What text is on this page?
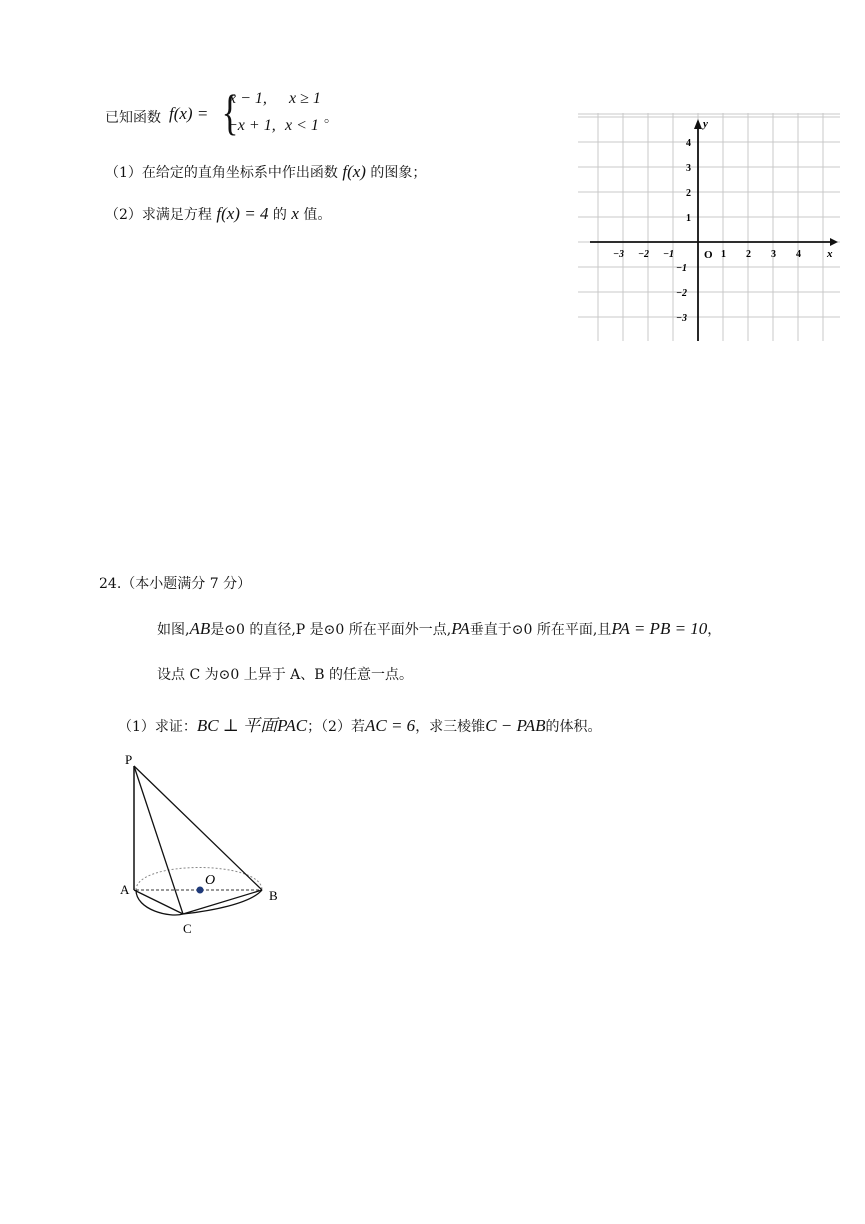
已知函数 f(x) = {
x − 1, x ≥ 1
−x + 1, x < 1 。
（1）在给定的直角坐标系中作出函数 f(x) 的图象；
（2）求满足方程 f(x) = 4 的 x 值。
y
x
O
−3 −2 −1	1 2 3 4
4
3
2
1
−1
−2
−3
24.（本小题满分 7 分）
如图,AB是⊙0 的直径,P 是⊙0 所在平面外一点,PA垂直于⊙0 所在平面,且PA = PB = 10，
设点 C 为⊙0 上异于 A、B 的任意一点。
（1）求证：BC ⊥ 平面PAC；（2）若AC = 6，求三棱锥C − PAB的体积。
P
A	B
C
O
